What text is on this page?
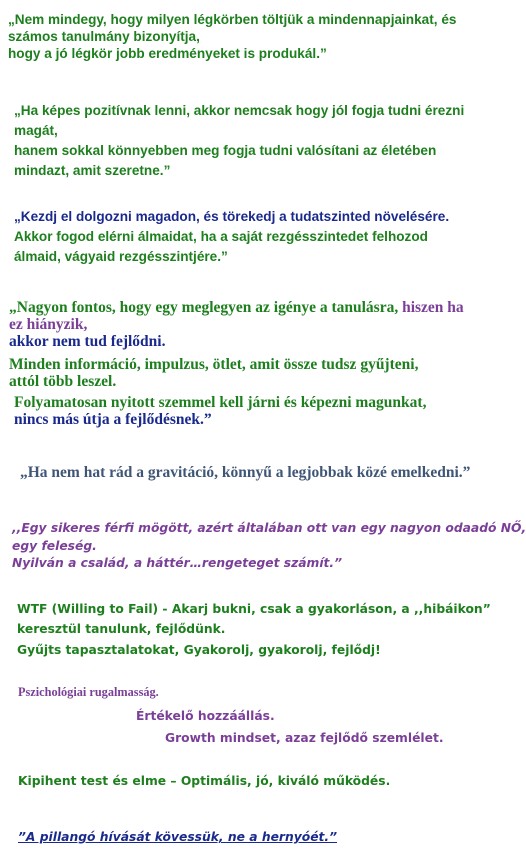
„Nem mindegy, hogy milyen légkörben töltjük a mindennapjainkat, és
számos tanulmány bizonyítja,
hogy a jó légkör jobb eredményeket is produkál.”
„Ha képes pozitívnak lenni, akkor nemcsak hogy jól fogja tudni érezni
magát,
hanem sokkal könnyebben meg fogja tudni valósítani az életében
mindazt, amit szeretne.”
„Kezdj el dolgozni magadon, és törekedj a tudatszinted növelésére.
Akkor fogod elérni álmaidat, ha a saját rezgésszintedet felhozod
álmaid, vágyaid rezgésszintjére.”
„Nagyon fontos, hogy egy meglegyen az igénye a tanulásra, hiszen ha
ez hiányzik,
akkor nem tud fejlődni.
Minden információ, impulzus, ötlet, amit össze tudsz gyűjteni,
attól több leszel.
Folyamatosan nyitott szemmel kell járni és képezni magunkat,
nincs más útja a fejlődésnek.”
„Ha nem hat rád a gravitáció, könnyű a legjobbak közé emelkedni.”
,,Egy sikeres férfi mögött, azért általában ott van egy nagyon odaadó NŐ,
egy feleség.
Nyilván a család, a háttér…rengeteget számít.”
WTF (Willing to Fail) - Akarj bukni, csak a gyakorláson, a ,,hibáikon”
keresztül tanulunk, fejlődünk.
Gyűjts tapasztalatokat, Gyakorolj, gyakorolj, fejlődj!
Pszichológiai rugalmasság.
Értékelő hozzáállás.
Growth mindset, azaz fejlődő szemlélet.
Kipihent test és elme – Optimális, jó, kiváló működés.
”A pillangó hívását kövessük, ne a hernyóét.”
